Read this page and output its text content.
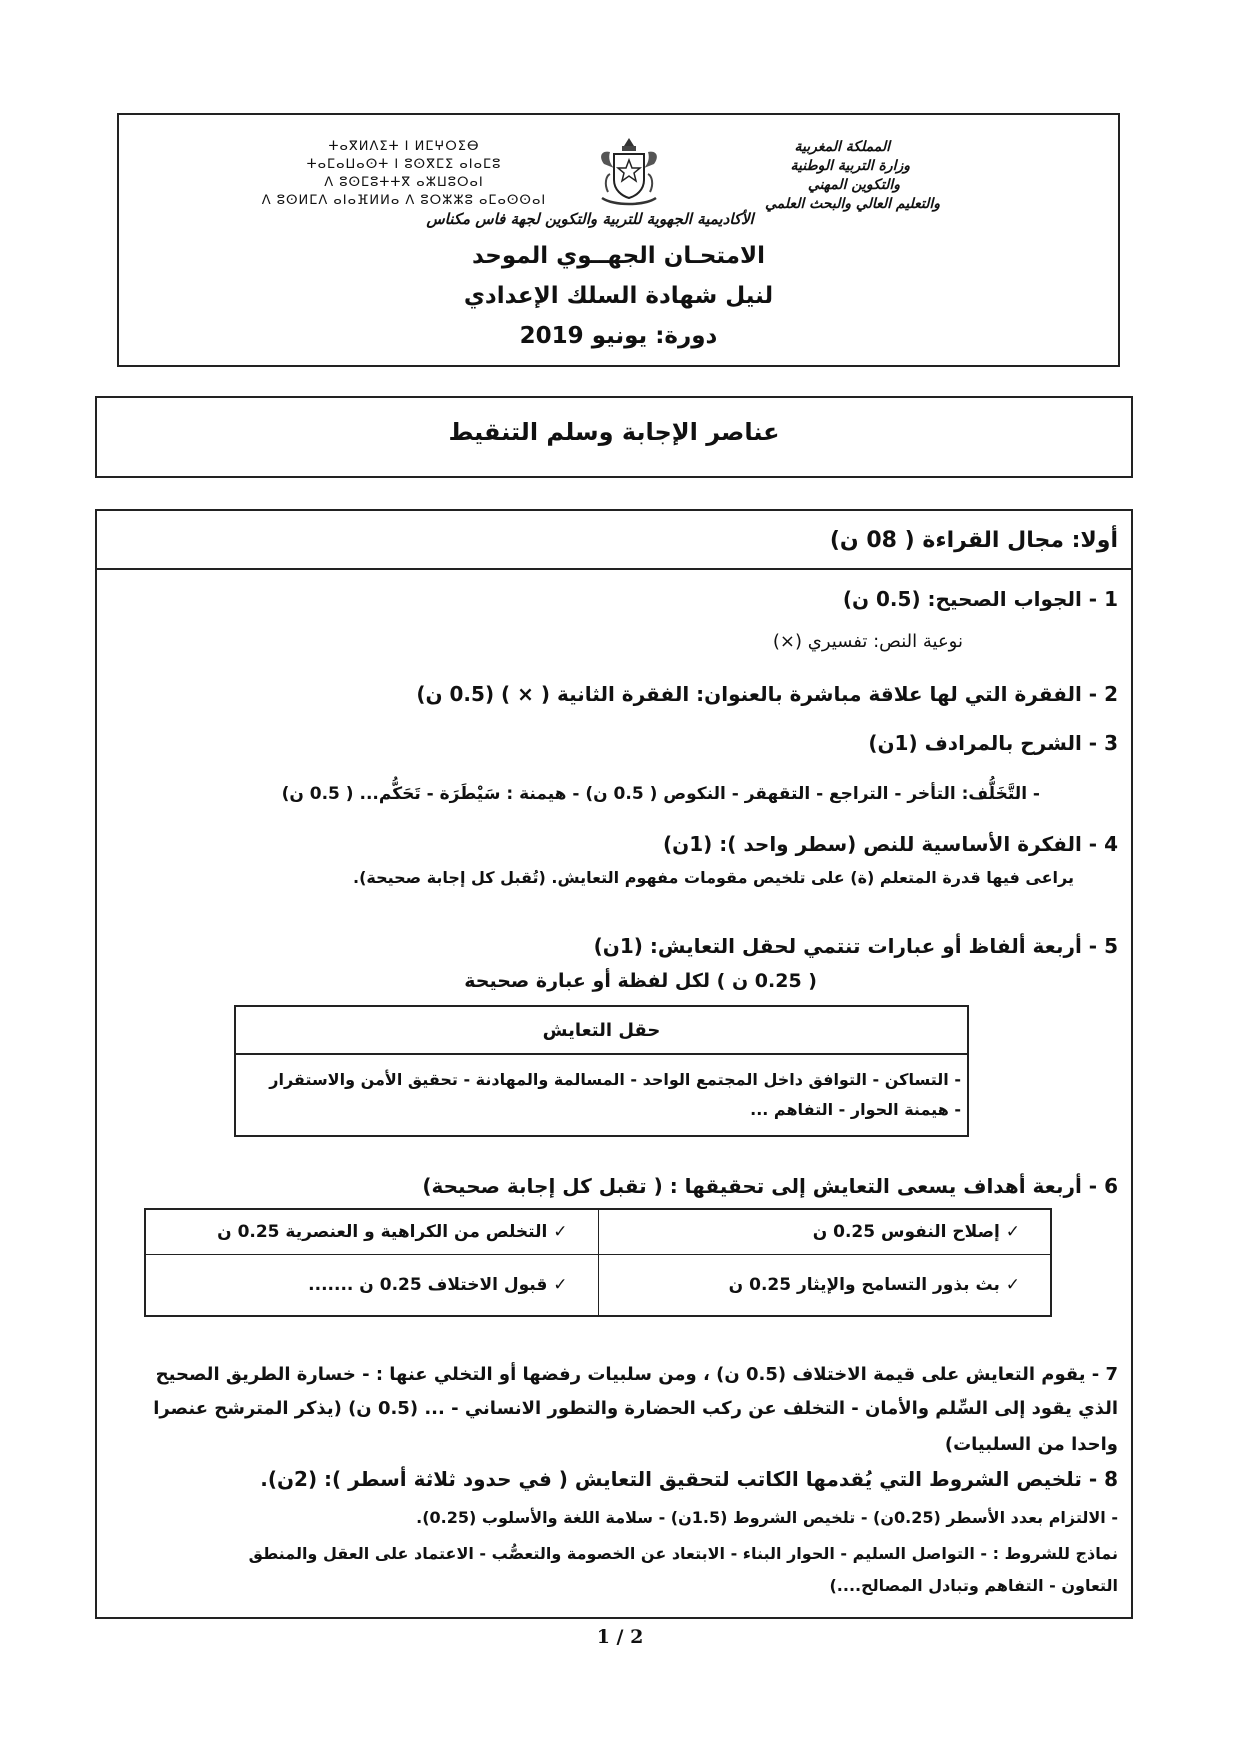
المملكة المغربية
وزارة التربية الوطنية
والتكوين المهني
والتعليم العالي والبحث العلمي
ⵜⴰⴳⵍⴷⵉⵜ ⵏ ⵍⵎⵖⵔⵉⴱ
ⵜⴰⵎⴰⵡⴰⵙⵜ ⵏ ⵓⵙⴳⵎⵉ ⴰⵏⴰⵎⵓ
ⴷ ⵓⵙⵎⵓⵜⵜⴳ ⴰⵣⵡⵓⵔⴰⵏ
ⴷ ⵓⵙⵍⵎⴷ ⴰⵏⴰⴼⵍⵍⴰ ⴷ ⵓⵔⵣⵣⵓ ⴰⵎⴰⵙⵙⴰⵏ
الأكاديمية الجهوية للتربية والتكوين لجهة فاس مكناس
الامتحـان الجهــوي الموحد
لنيل شهادة السلك الإعدادي
دورة: يونيو 2019
عناصر الإجابة وسلم التنقيط
أولا: مجال القراءة ( 08 ن)
1 - الجواب الصحيح: (0.5 ن)
نوعية النص: تفسيري (×)
2 - الفقرة التي لها علاقة مباشرة بالعنوان: الفقرة الثانية ( × ) (0.5 ن)
3 - الشرح بالمرادف (1ن)
- التَّخَلُّف: التأخر - التراجع - التقهقر - النكوص ( 0.5 ن) - هيمنة : سَيْطَرَة - تَحَكُّم... ( 0.5 ن)
4 - الفكرة الأساسية للنص (سطر واحد ): (1ن)
يراعى فيها قدرة المتعلم (ة) على تلخيص مقومات مفهوم التعايش. (تُقبل كل إجابة صحيحة).
5 - أربعة ألفاظ أو عبارات تنتمي لحقل التعايش: (1ن)
( 0.25 ن ) لكل لفظة أو عبارة صحيحة
حقل التعايش

- التساكن - التوافق داخل المجتمع الواحد - المسالمة والمهادنة - تحقيق الأمن والاستقرار
- هيمنة الحوار - التفاهم ...
6 - أربعة أهداف يسعى التعايش إلى تحقيقها : ( تقبل كل إجابة صحيحة)
✓ إصلاح النفوس 0.25 ن	✓ التخلص من الكراهية و العنصرية 0.25 ن
✓ بث بذور التسامح والإيثار 0.25 ن	✓ قبول الاختلاف 0.25 ن .......
7 - يقوم التعايش على قيمة الاختلاف (0.5 ن) ، ومن سلبيات رفضها أو التخلي عنها : - خسارة الطريق الصحيح
الذي يقود إلى السِّلم والأمان - التخلف عن ركب الحضارة والتطور الانساني - ... (0.5 ن) (يذكر المترشح عنصرا
واحدا من السلبيات)
8 - تلخيص الشروط التي يُقدمها الكاتب لتحقيق التعايش ( في حدود ثلاثة أسطر ): (2ن).
- الالتزام بعدد الأسطر (0.25ن) - تلخيص الشروط (1.5ن) - سلامة اللغة والأسلوب (0.25).
نماذج للشروط : - التواصل السليم - الحوار البناء - الابتعاد عن الخصومة والتعصُّب - الاعتماد على العقل والمنطق
التعاون - التفاهم وتبادل المصالح....)
1 / 2
